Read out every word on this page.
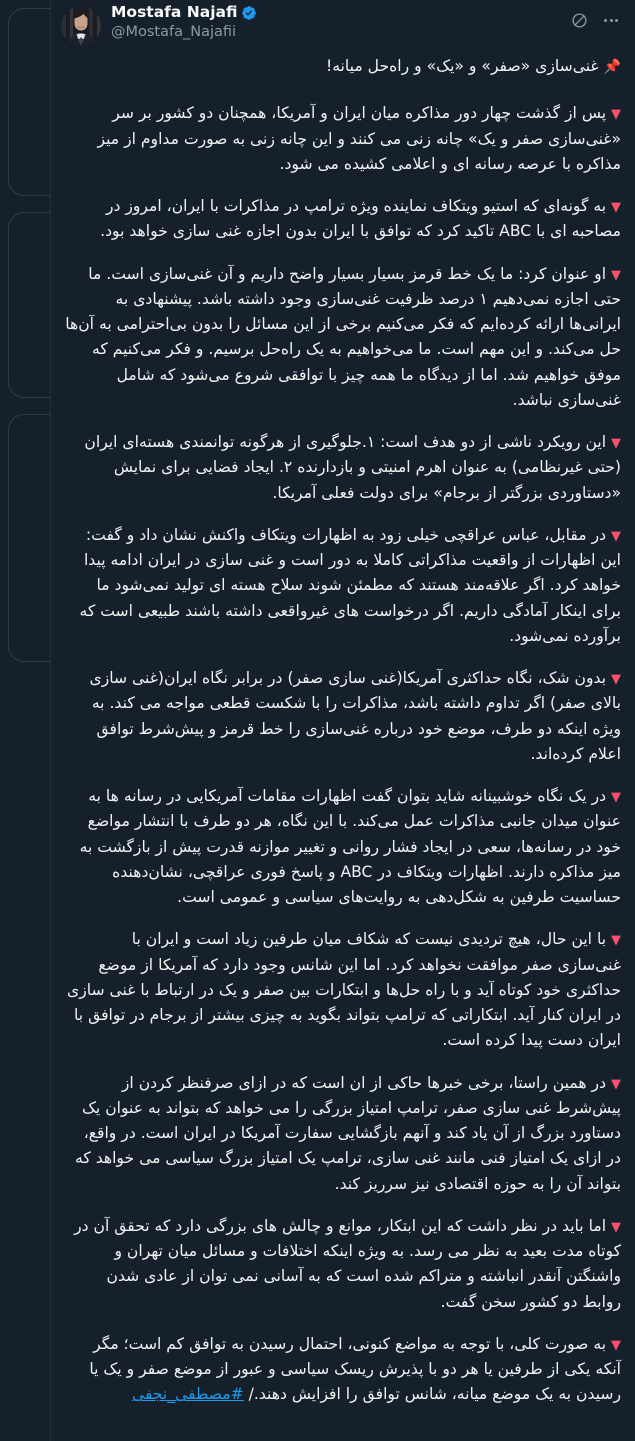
Mostafa Najafi
@Mostafa_Najafii

📌 غنی‌سازی «صفر» و «یک» و راه‌حل میانه!

▼ پس از گذشت چهار دور مذاکره میان ایران و آمریکا، همچنان دو کشور بر سر «غنی‌سازی صفر و یک» چانه زنی می کنند و این چانه زنی به صورت مداوم از میز مذاکره با عرصه رسانه ای و اعلامی کشیده می شود.

▼ به گونه‌ای که استیو ویتکاف نماینده ویژه ترامپ در مذاکرات با ایران، امروز در مصاحبه ای با ABC تاکید کرد که توافق با ایران بدون اجازه غنی سازی خواهد بود.

▼ او عنوان کرد: ما یک خط قرمز بسیار بسیار واضح داریم و آن غنی‌سازی است. ما حتی اجازه نمی‌دهیم ۱ درصد ظرفیت غنی‌سازی وجود داشته باشد. پیشنهادی به ایرانی‌ها ارائه کرده‌ایم که فکر می‌کنیم برخی از این مسائل را بدون بی‌احترامی به آن‌ها حل می‌کند. و این مهم است. ما می‌خواهیم به یک راه‌حل برسیم. و فکر می‌کنیم که موفق خواهیم شد. اما از دیدگاه ما همه چیز با توافقی شروع می‌شود که شامل غنی‌سازی نباشد.

▼ این رویکرد ناشی از دو هدف است: ۱.جلوگیری از هرگونه توانمندی هسته‌ای ایران (حتی غیرنظامی) به عنوان اهرم امنیتی و بازدارنده ۲. ایجاد فضایی برای نمایش «دستاوردی بزرگتر از برجام» برای دولت فعلی آمریکا.

▼ در مقابل، عباس عراقچی خیلی زود به اظهارات ویتکاف واکنش نشان داد و گفت: این اظهارات از واقعیت مذاکراتی کاملا به دور است و غنی سازی در ایران ادامه پیدا خواهد کرد. اگر علاقه‌مند هستند که مطمئن شوند سلاح هسته ای تولید نمی‌شود ما برای اینکار آمادگی داریم. اگر درخواست های غیرواقعی داشته باشند طبیعی است که برآورده نمی‌شود.

▼ بدون شک، نگاه حداکثری آمریکا(غنی سازی صفر) در برابر نگاه ایران(غنی سازی بالای صفر) اگر تداوم داشته باشد، مذاکرات را با شکست قطعی مواجه می کند. به ویژه اینکه دو طرف، موضع خود درباره غنی‌سازی را خط قرمز و پیش‌شرط توافق اعلام کرده‌اند.

▼ در یک نگاه خوشبینانه شاید بتوان گفت اظهارات مقامات آمریکایی در رسانه ها به عنوان میدان جانبی مذاکرات عمل می‌کند. با این نگاه، هر دو طرف با انتشار مواضع خود در رسانه‌ها، سعی در ایجاد فشار روانی و تغییر موازنه قدرت پیش از بازگشت به میز مذاکره دارند. اظهارات ویتکاف در ABC و پاسخ فوری عراقچی، نشان‌دهنده حساسیت طرفین به شکل‌دهی به روایت‌های سیاسی و عمومی است.

▼ با این حال، هیچ تردیدی نیست که شکاف میان طرفین زیاد است و ایران با غنی‌سازی صفر موافقت نخواهد کرد. اما این شانس وجود دارد که آمریکا از موضع حداکثری خود کوتاه آید و با راه حل‌ها و ابتکارات بین صفر و یک در ارتباط با غنی سازی در ایران کنار آید. ابتکاراتی که ترامپ بتواند بگوید به چیزی بیشتر از برجام در توافق با ایران دست پیدا کرده است.

▼ در همین راستا، برخی خبرها حاکی از ان است که در ازای صرفنظر کردن از پیش‌شرط غنی سازی صفر، ترامپ امتیاز بزرگی را می خواهد که بتواند به عنوان یک دستاورد بزرگ از آن یاد کند و آنهم بازگشایی سفارت آمریکا در ایران است. در واقع، در ازای یک امتیاز فنی مانند غنی سازی، ترامپ یک امتیاز بزرگ سیاسی می خواهد که بتواند آن را به حوزه اقتصادی نیز سرریز کند.

▼ اما باید در نظر داشت که این ابتکار، موانع و چالش های بزرگی دارد که تحقق آن در کوتاه مدت بعید به نظر می رسد. به ویژه اینکه اختلافات و مسائل میان تهران و واشنگتن آنقدر انباشته و متراکم شده است که به آسانی نمی توان از عادی شدن روابط دو کشور سخن گفت.

▼ به صورت کلی، با توجه به مواضع کنونی، احتمال رسیدن به توافق کم است؛ مگر آنکه یکی از طرفین یا هر دو با پذیرش ریسک سیاسی و عبور از موضع صفر و یک یا رسیدن به یک موضع میانه، شانس توافق را افزایش دهند./ #مصطفی_نجفی
